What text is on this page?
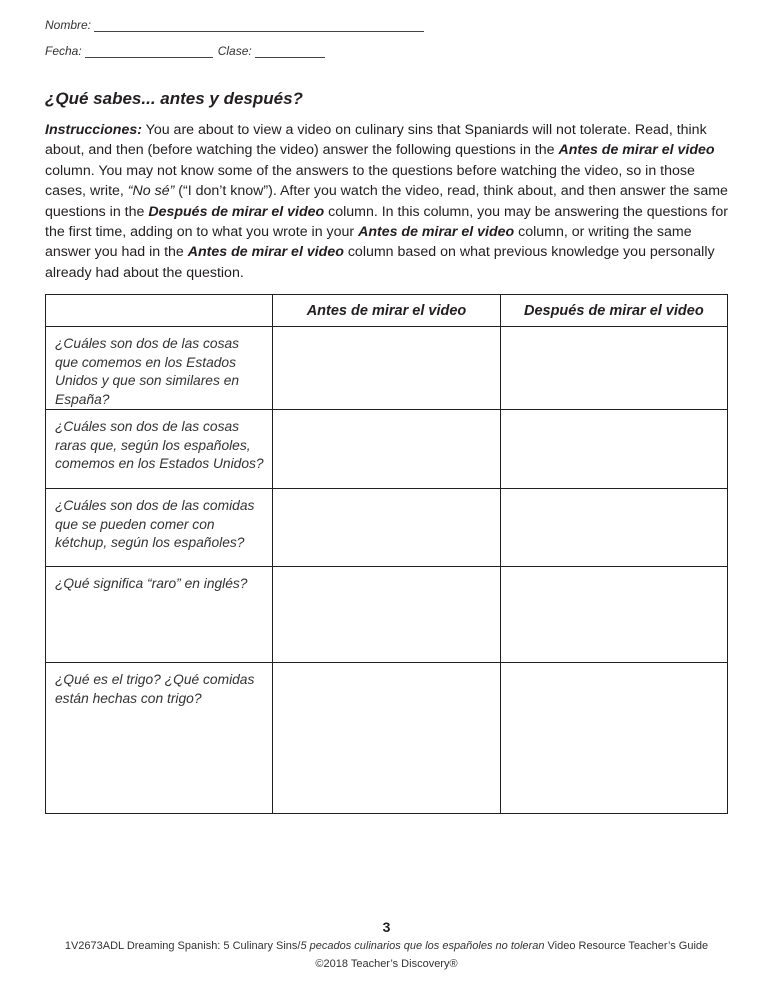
Nombre:
Fecha:	Clase:
¿Qué sabes... antes y después?

Instrucciones: You are about to view a video on culinary sins that Spaniards will not tolerate. Read, think about, and then (before watching the video) answer the following questions in the Antes de mirar el video column. You may not know some of the answers to the questions before watching the video, so in those cases, write, “No sé” (“I don’t know”). After you watch the video, read, think about, and then answer the same questions in the Después de mirar el video column. In this column, you may be answering the questions for the first time, adding on to what you wrote in your Antes de mirar el video column, or writing the same answer you had in the Antes de mirar el video column based on what previous knowledge you personally already had about the question.

	Antes de mirar el video	Después de mirar el video
¿Cuáles son dos de las cosas que comemos en los Estados Unidos y que son similares en España?		
¿Cuáles son dos de las cosas raras que, según los españoles, comemos en los Estados Unidos?		
¿Cuáles son dos de las comidas que se pueden comer con kétchup, según los españoles?		
¿Qué significa “raro” en inglés?		
¿Qué es el trigo? ¿Qué comidas están hechas con trigo?		
3
1V2673ADL Dreaming Spanish: 5 Culinary Sins/5 pecados culinarios que los españoles no toleran Video Resource Teacher’s Guide
©2018 Teacher’s Discovery®
